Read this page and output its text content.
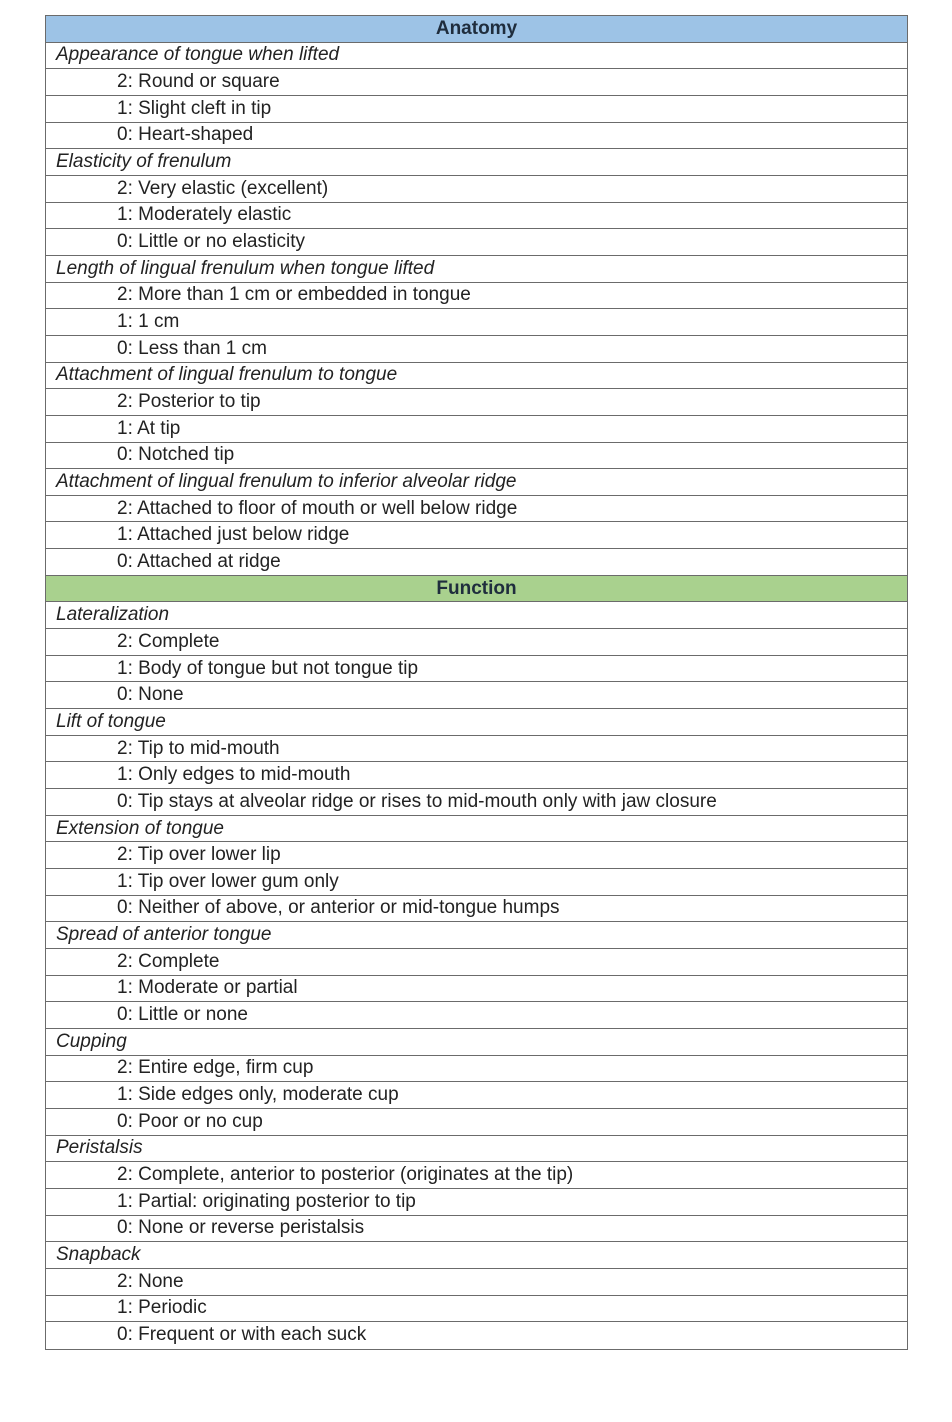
Anatomy
Appearance of tongue when lifted
2: Round or square
1: Slight cleft in tip
0: Heart-shaped
Elasticity of frenulum
2: Very elastic (excellent)
1: Moderately elastic
0: Little or no elasticity
Length of lingual frenulum when tongue lifted
2: More than 1 cm or embedded in tongue
1: 1 cm
0: Less than 1 cm
Attachment of lingual frenulum to tongue
2: Posterior to tip
1: At tip
0: Notched tip
Attachment of lingual frenulum to inferior alveolar ridge
2: Attached to floor of mouth or well below ridge
1: Attached just below ridge
0: Attached at ridge
Function
Lateralization
2: Complete
1: Body of tongue but not tongue tip
0: None
Lift of tongue
2: Tip to mid-mouth
1: Only edges to mid-mouth
0: Tip stays at alveolar ridge or rises to mid-mouth only with jaw closure
Extension of tongue
2: Tip over lower lip
1: Tip over lower gum only
0: Neither of above, or anterior or mid-tongue humps
Spread of anterior tongue
2: Complete
1: Moderate or partial
0: Little or none
Cupping
2: Entire edge, firm cup
1: Side edges only, moderate cup
0: Poor or no cup
Peristalsis
2: Complete, anterior to posterior (originates at the tip)
1: Partial: originating posterior to tip
0: None or reverse peristalsis
Snapback
2: None
1: Periodic
0: Frequent or with each suck
